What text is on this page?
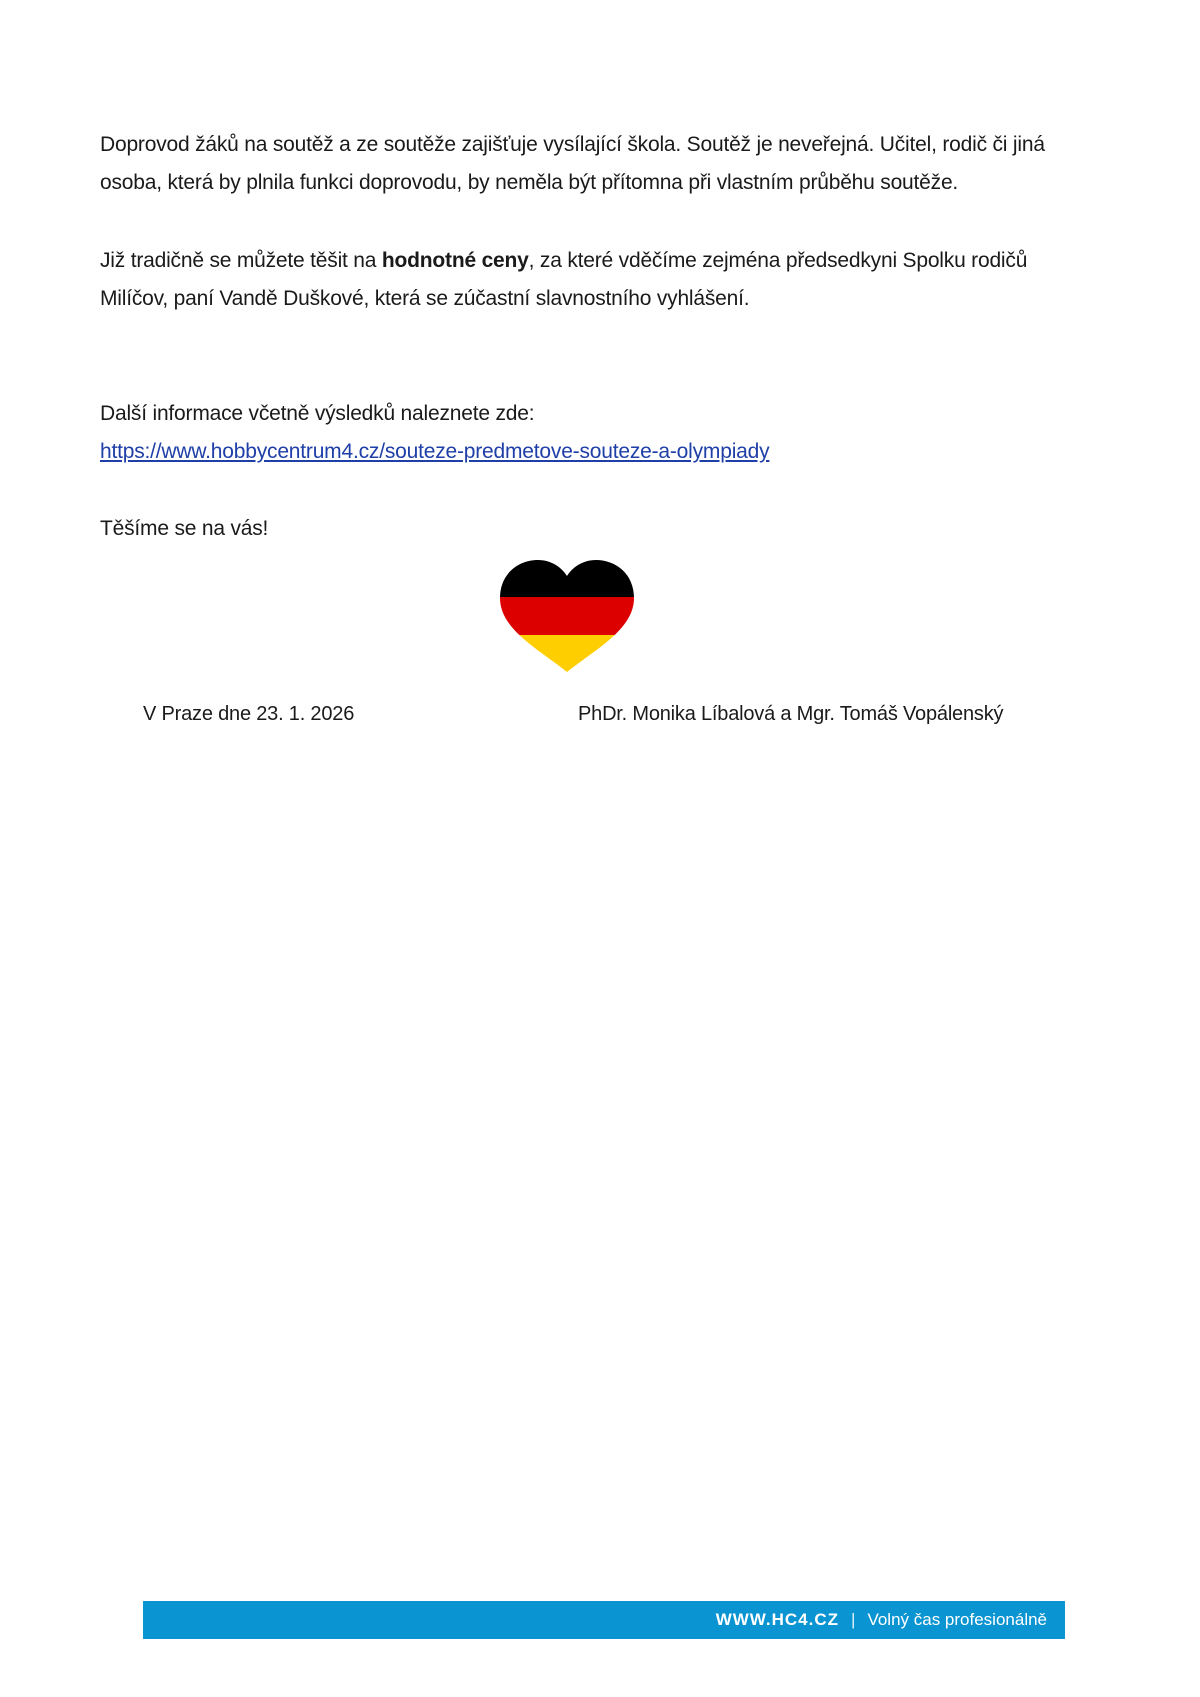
Doprovod žáků na soutěž a ze soutěže zajišťuje vysílající škola. Soutěž je neveřejná. Učitel, rodič či jiná osoba, která by plnila funkci doprovodu, by neměla být přítomna při vlastním průběhu soutěže.

Již tradičně se můžete těšit na hodnotné ceny, za které vděčíme zejména předsedkyni Spolku rodičů Milíčov, paní Vandě Duškové, která se zúčastní slavnostního vyhlášení.

Další informace včetně výsledků naleznete zde:
https://www.hobbycentrum4.cz/souteze-predmetove-souteze-a-olympiady

Těšíme se na vás!

V Praze dne 23. 1. 2026	PhDr. Monika Líbalová a Mgr. Tomáš Vopálenský
WWW.HC4.CZ | Volný čas profesionálně
